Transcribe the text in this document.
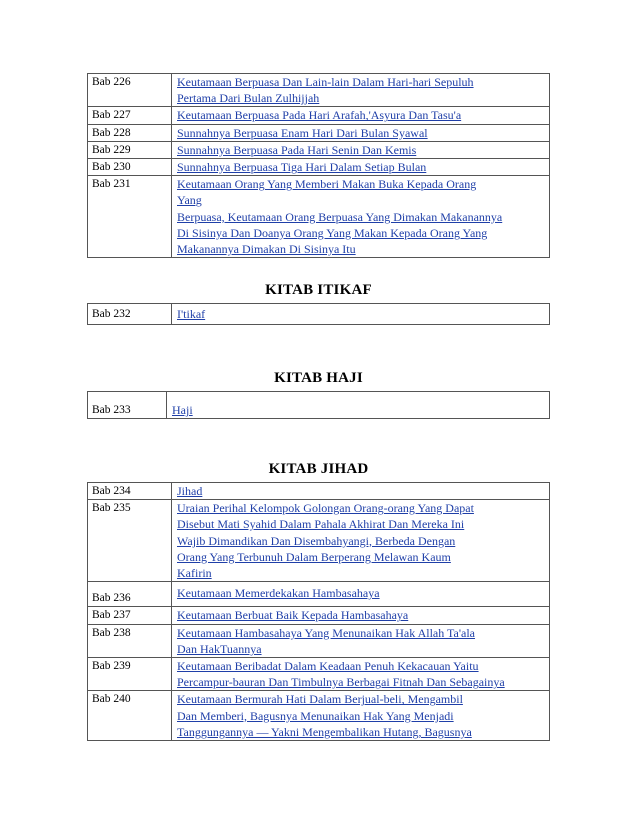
Bab 226	Keutamaan Berpuasa Dan Lain-lain Dalam Hari-hari Sepuluh
Pertama Dari Bulan Zulhijjah
Bab 227	Keutamaan Berpuasa Pada Hari Arafah,'Asyura Dan Tasu'a
Bab 228	Sunnahnya Berpuasa Enam Hari Dari Bulan Syawal
Bab 229	Sunnahnya Berpuasa Pada Hari Senin Dan Kemis
Bab 230	Sunnahnya Berpuasa Tiga Hari Dalam Setiap Bulan
Bab 231	Keutamaan Orang Yang Memberi Makan Buka Kepada Orang
Yang
Berpuasa, Keutamaan Orang Berpuasa Yang Dimakan Makanannya
Di Sisinya Dan Doanya Orang Yang Makan Kepada Orang Yang
Makanannya Dimakan Di Sisinya Itu
KITAB ITIKAF
Bab 232	I'tikaf
KITAB HAJI
Bab 233	Haji
KITAB JIHAD
Bab 234	Jihad
Bab 235	Uraian Perihal Kelompok Golongan Orang-orang Yang Dapat
Disebut Mati Syahid Dalam Pahala Akhirat Dan Mereka Ini
Wajib Dimandikan Dan Disembahyangi, Berbeda Dengan
Orang Yang Terbunuh Dalam Berperang Melawan Kaum
Kafirin
Bab 236	Keutamaan Memerdekakan Hambasahaya
Bab 237	Keutamaan Berbuat Baik Kepada Hambasahaya
Bab 238	Keutamaan Hambasahaya Yang Menunaikan Hak Allah Ta'ala
Dan HakTuannya
Bab 239	Keutamaan Beribadat Dalam Keadaan Penuh Kekacauan Yaitu
Percampur-bauran Dan Timbulnya Berbagai Fitnah Dan Sebagainya
Bab 240	Keutamaan Bermurah Hati Dalam Berjual-beli, Mengambil
Dan Memberi, Bagusnya Menunaikan Hak Yang Menjadi
Tanggungannya — Yakni Mengembalikan Hutang, Bagusnya
